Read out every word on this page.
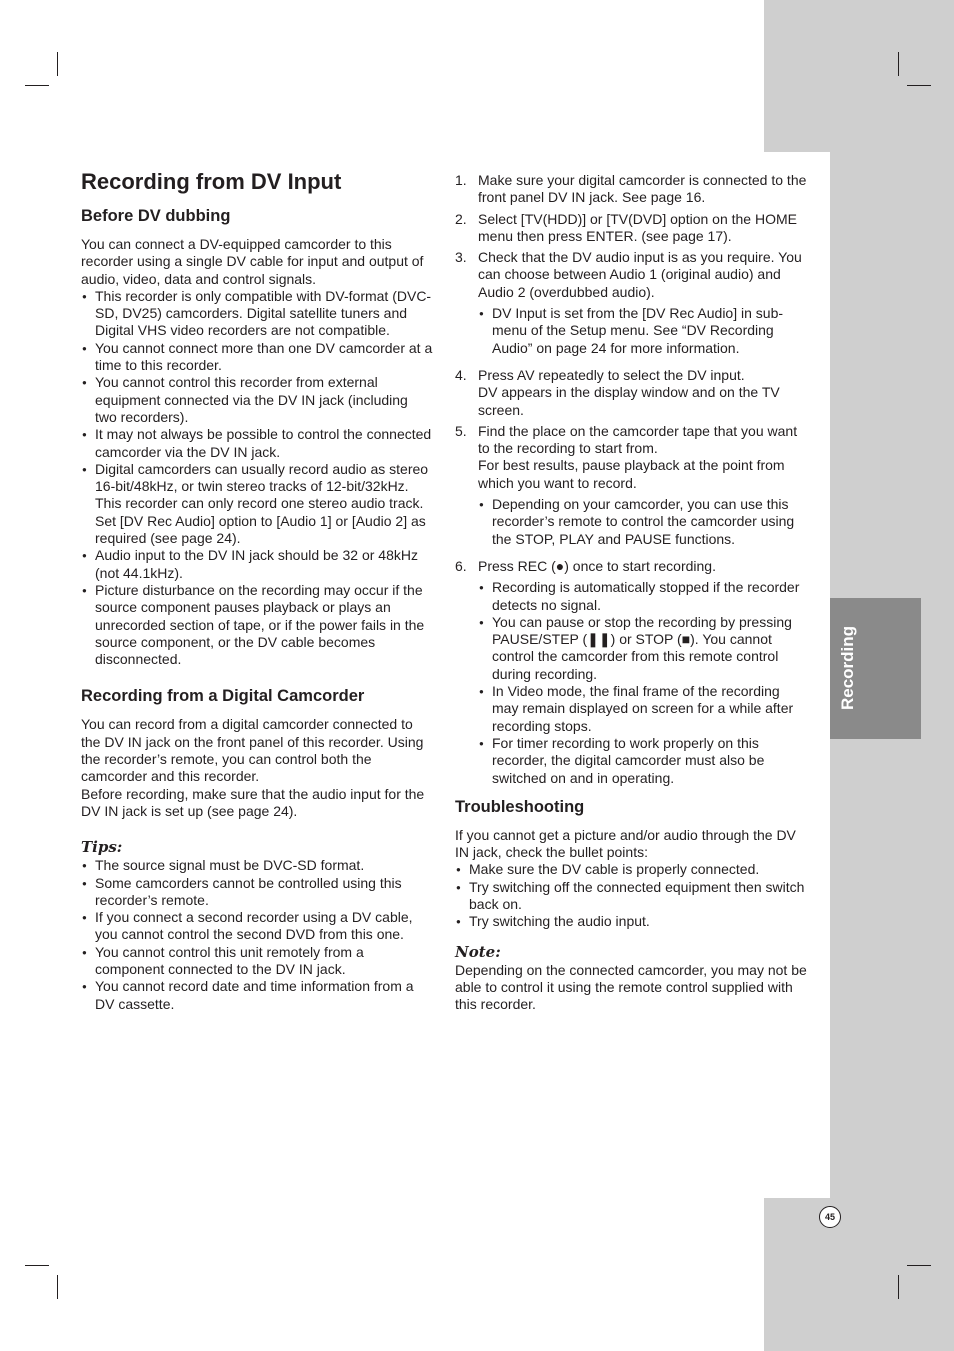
Recording
45
Recording from DV Input
Before DV dubbing

You can connect a DV-equipped camcorder to this recorder using a single DV cable for input and output of audio, video, data and control signals.

● This recorder is only compatible with DV-format (DVC-SD, DV25) camcorders. Digital satellite tuners and Digital VHS video recorders are not compatible.
● You cannot connect more than one DV camcorder at a time to this recorder.
● You cannot control this recorder from external equipment connected via the DV IN jack (including two recorders).
● It may not always be possible to control the connected camcorder via the DV IN jack.
● Digital camcorders can usually record audio as stereo 16-bit/48kHz, or twin stereo tracks of 12-bit/32kHz. This recorder can only record one stereo audio track. Set [DV Rec Audio] option to [Audio 1] or [Audio 2] as required (see page 24).
● Audio input to the DV IN jack should be 32 or 48kHz (not 44.1kHz).
● Picture disturbance on the recording may occur if the source component pauses playback or plays an unrecorded section of tape, or if the power fails in the source component, or the DV cable becomes disconnected.
Recording from a Digital Camcorder

You can record from a digital camcorder connected to the DV IN jack on the front panel of this recorder. Using the recorder’s remote, you can control both the camcorder and this recorder.

Before recording, make sure that the audio input for the DV IN jack is set up (see page 24).

Tips:
● The source signal must be DVC-SD format.
● Some camcorders cannot be controlled using this recorder’s remote.
● If you connect a second recorder using a DV cable, you cannot control the second DVD from this one.
● You cannot control this unit remotely from a component connected to the DV IN jack.
● You cannot record date and time information from a DV cassette.
1. Make sure your digital camcorder is connected to the front panel DV IN jack. See page 16.
2. Select [TV(HDD)] or [TV(DVD] option on the HOME menu then press ENTER. (see page 17).
3. Check that the DV audio input is as you require. You can choose between Audio 1 (original audio) and Audio 2 (overdubbed audio).
● DV Input is set from the [DV Rec Audio] in sub-menu of the Setup menu. See “DV Recording Audio” on page 24 for more information.
4. Press AV repeatedly to select the DV input.
DV appears in the display window and on the TV screen.
5. Find the place on the camcorder tape that you want to the recording to start from.
For best results, pause playback at the point from which you want to record.
● Depending on your camcorder, you can use this recorder’s remote to control the camcorder using the STOP, PLAY and PAUSE functions.
6. Press REC (●) once to start recording.
● Recording is automatically stopped if the recorder detects no signal.
● You can pause or stop the recording by pressing PAUSE/STEP (❚❚) or STOP (■). You cannot control the camcorder from this remote control during recording.
● In Video mode, the final frame of the recording may remain displayed on screen for a while after recording stops.
● For timer recording to work properly on this recorder, the digital camcorder must also be switched on and in operating.
Troubleshooting

If you cannot get a picture and/or audio through the DV IN jack, check the bullet points:

● Make sure the DV cable is properly connected.
● Try switching off the connected equipment then switch back on.
● Try switching the audio input.
Note:

Depending on the connected camcorder, you may not be able to control it using the remote control supplied with this recorder.
